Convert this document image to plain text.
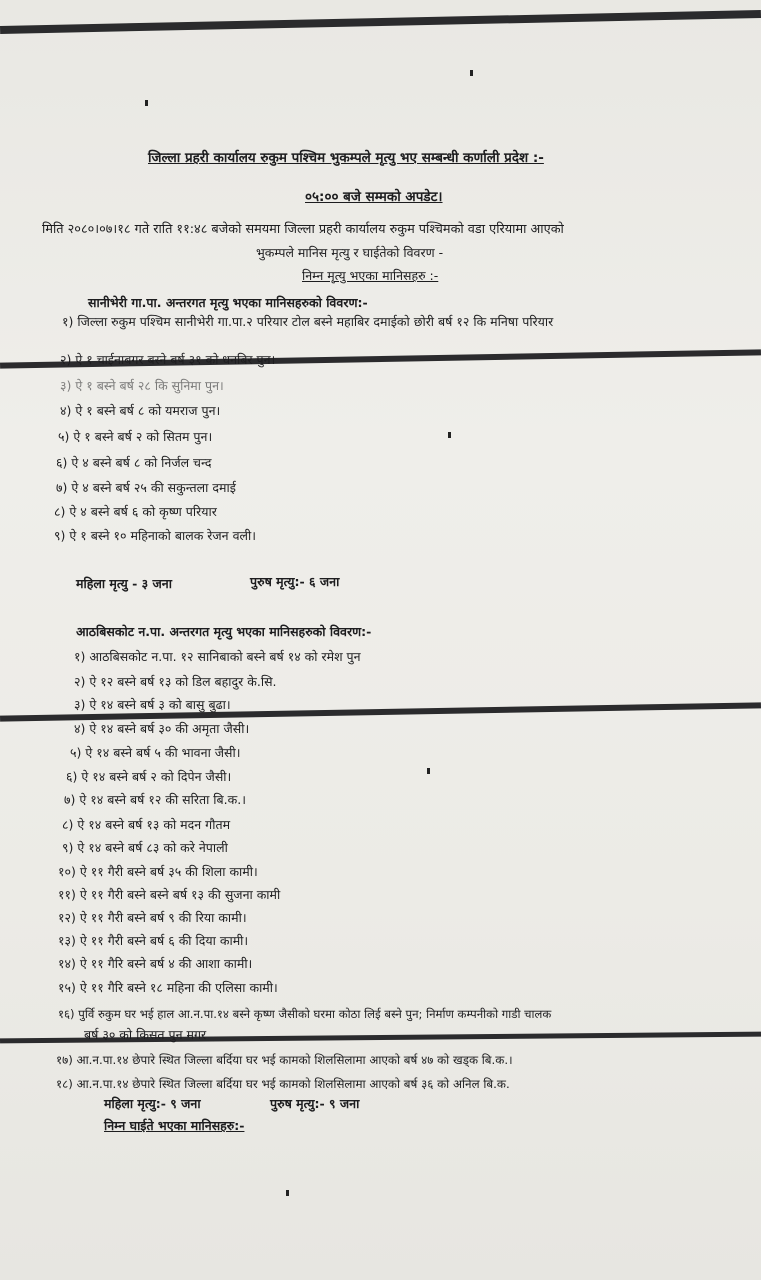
जिल्ला प्रहरी कार्यालय रुकुम पश्चिम भुकम्पले मृत्यु भए सम्बन्धी कर्णाली प्रदेश :-
०५:०० बजे सम्मको अपडेट।
मिति २०८०।०७।१८ गते राति ११:४८ बजेको समयमा जिल्ला प्रहरी कार्यालय रुकुम पश्चिमको वडा एरियामा आएको
भुकम्पले मानिस मृत्यु र घाईतेको विवरण -
निम्न मृत्यु भएका मानिसहरु :-
सानीभेरी गा.पा. अन्तरगत मृत्यु भएका मानिसहरुको विवरण:-
१) जिल्ला रुकुम पश्चिम सानीभेरी गा.पा.२ परियार टोल बस्ने महाबिर दमाईको छोरी बर्ष १२ कि मनिषा परियार
२) ऐ १ चाईनाबगर बस्ने बर्ष ३१ को धनबिर पुन।
३) ऐ १ बस्ने बर्ष २८ कि सुनिमा पुन।
४) ऐ १ बस्ने बर्ष ८ को यमराज पुन।
५) ऐ १ बस्ने बर्ष २ को सितम पुन।
६) ऐ ४ बस्ने बर्ष ८ को निर्जल चन्द
७) ऐ ४ बस्ने बर्ष २५ की सकुन्तला दमाई
८) ऐ ४ बस्ने बर्ष ६ को कृष्ण परियार
९) ऐ १ बस्ने १० महिनाको बालक रेजन वली।
महिला मृत्यु - ३ जना	पुरुष मृत्यु:- ६ जना
आठबिसकोट न.पा. अन्तरगत मृत्यु भएका मानिसहरुको विवरण:-
१) आठबिसकोट न.पा. १२ सानिबाको बस्ने बर्ष १४ को रमेश पुन
२) ऐ १२ बस्ने बर्ष १३ को डिल बहादुर के.सि.
३) ऐ १४ बस्ने बर्ष ३ को बासु बुढा।
४) ऐ १४ बस्ने बर्ष ३० की अमृता जैसी।
५) ऐ १४ बस्ने बर्ष ५ की भावना जैसी।
६) ऐ १४ बस्ने बर्ष २ को दिपेन जैसी।
७) ऐ १४ बस्ने बर्ष १२ की सरिता बि.क.।
८) ऐ १४ बस्ने बर्ष १३ को मदन गौतम
९) ऐ १४ बस्ने बर्ष ८३ को करे नेपाली
१०) ऐ ११ गैरी बस्ने बर्ष ३५ की शिला कामी।
११) ऐ ११ गैरी बस्ने बस्ने बर्ष १३ की सुजना कामी
१२) ऐ ११ गैरी बस्ने बर्ष ९ की रिया कामी।
१३) ऐ ११ गैरी बस्ने बर्ष ६ की दिया कामी।
१४) ऐ ११ गैरि बस्ने बर्ष ४ की आशा कामी।
१५) ऐ ११ गैरि बस्ने १८ महिना की एलिसा कामी।
१६) पुर्वि रुकुम घर भई हाल आ.न.पा.१४ बस्ने कृष्ण जैसीको घरमा कोठा लिई बस्ने पुन; निर्माण कम्पनीको गाडी चालक
बर्ष ३० को किसत पुन मगर
१७) आ.न.पा.१४ छेपारे स्थित जिल्ला बर्दिया घर भई कामको शिलसिलामा आएको बर्ष ४७ को खड्क बि.क.।
१८) आ.न.पा.१४ छेपारे स्थित जिल्ला बर्दिया घर भई कामको शिलसिलामा आएको बर्ष ३६ को अनिल बि.क.
महिला मृत्यु:- ९ जना	पुरुष मृत्यु:- ९ जना
निम्न घाईते भएका मानिसहरु:-
